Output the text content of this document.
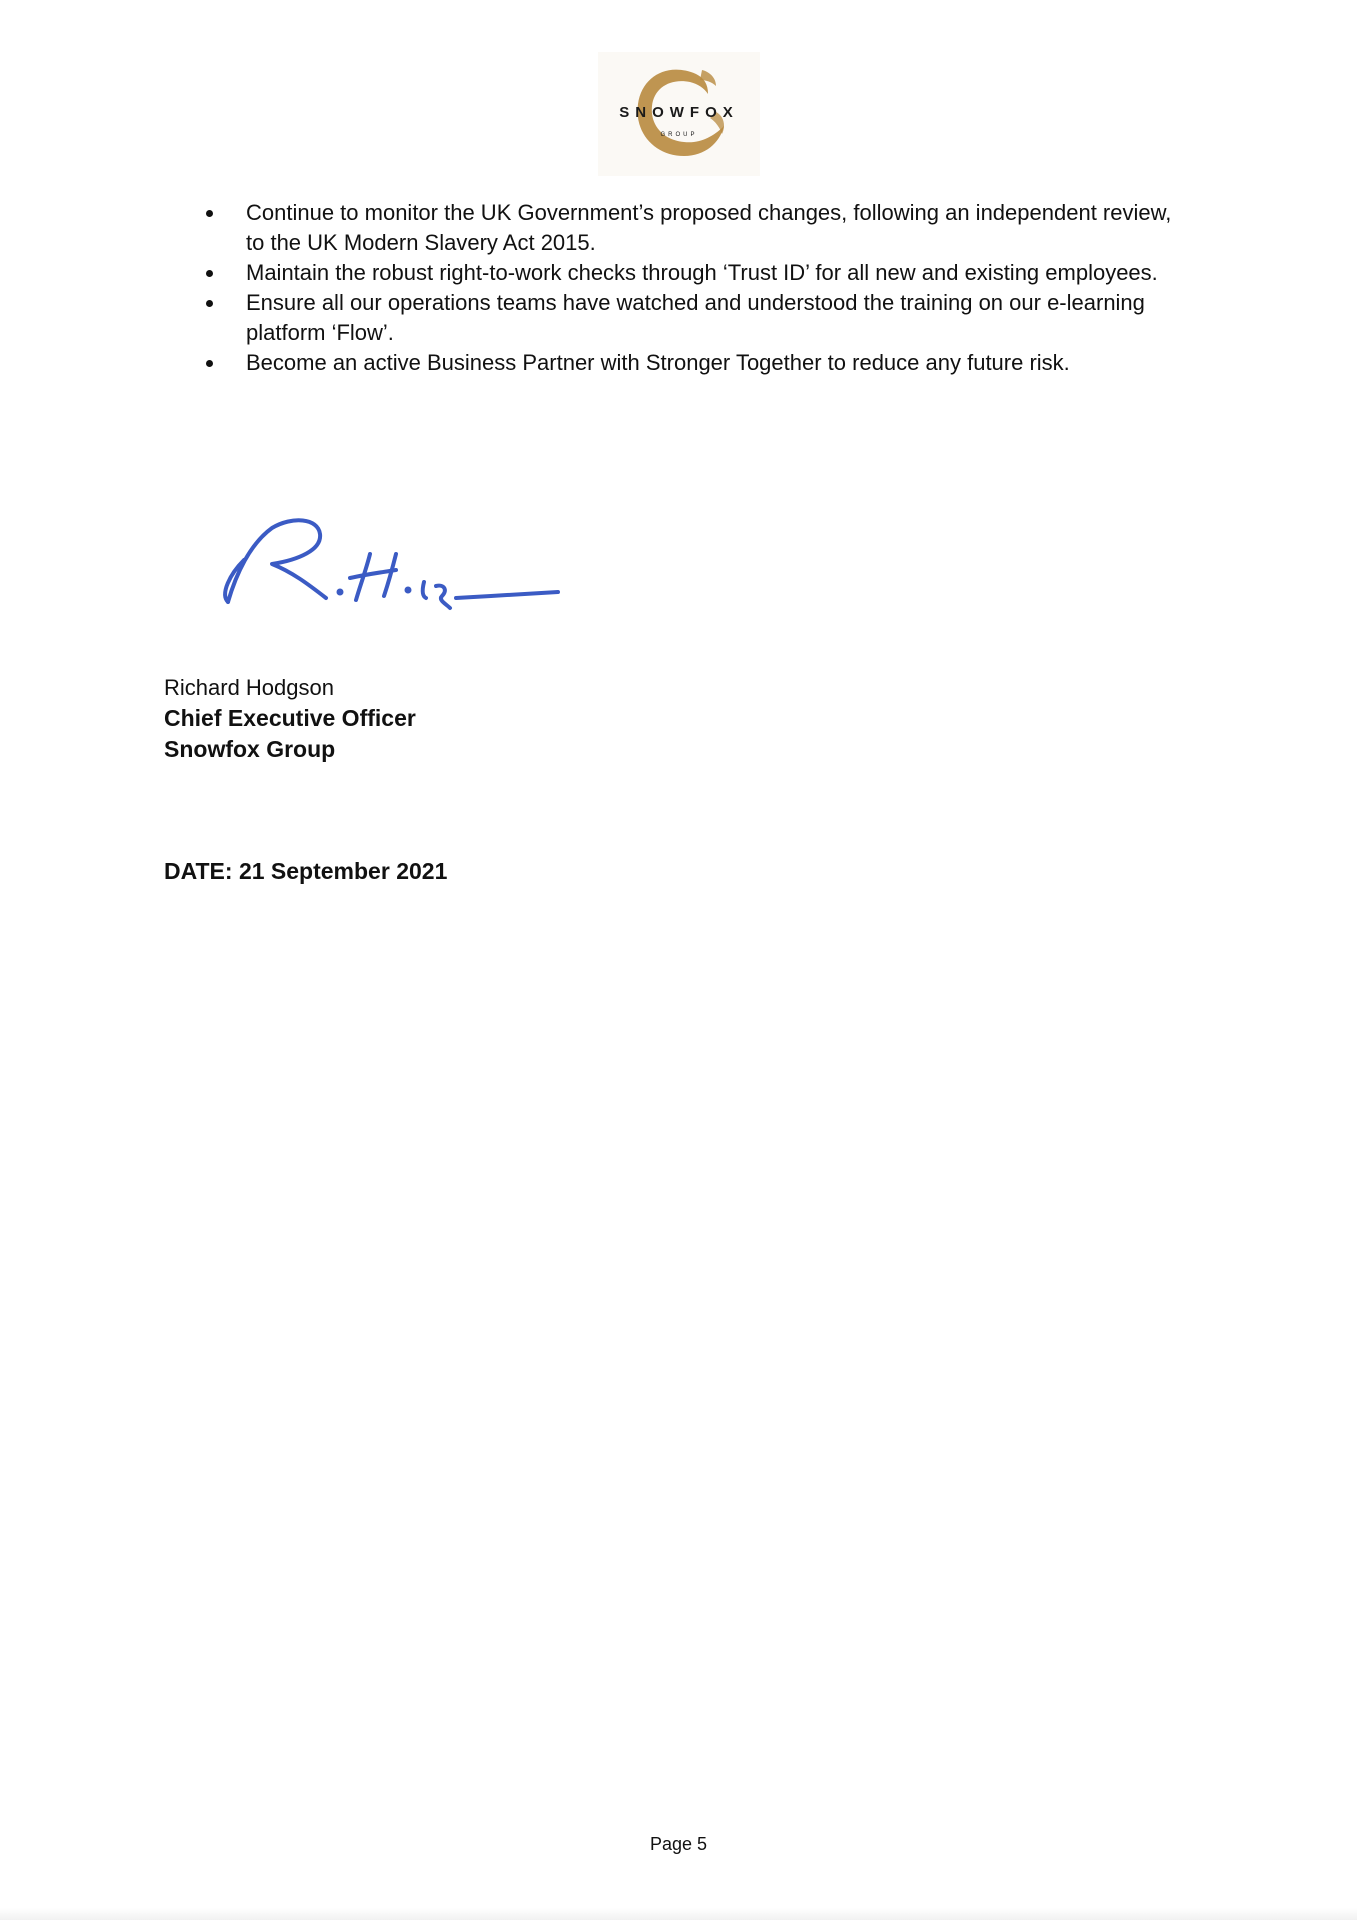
SNOWFOX
GROUP
Continue to monitor the UK Government’s proposed changes, following an independent review, to the UK Modern Slavery Act 2015.
Maintain the robust right-to-work checks through ‘Trust ID’ for all new and existing employees.
Ensure all our operations teams have watched and understood the training on our e-learning platform ‘Flow’.
Become an active Business Partner with Stronger Together to reduce any future risk.
Richard Hodgson
Chief Executive Officer
Snowfox Group
DATE: 21 September 2021
Page 5
